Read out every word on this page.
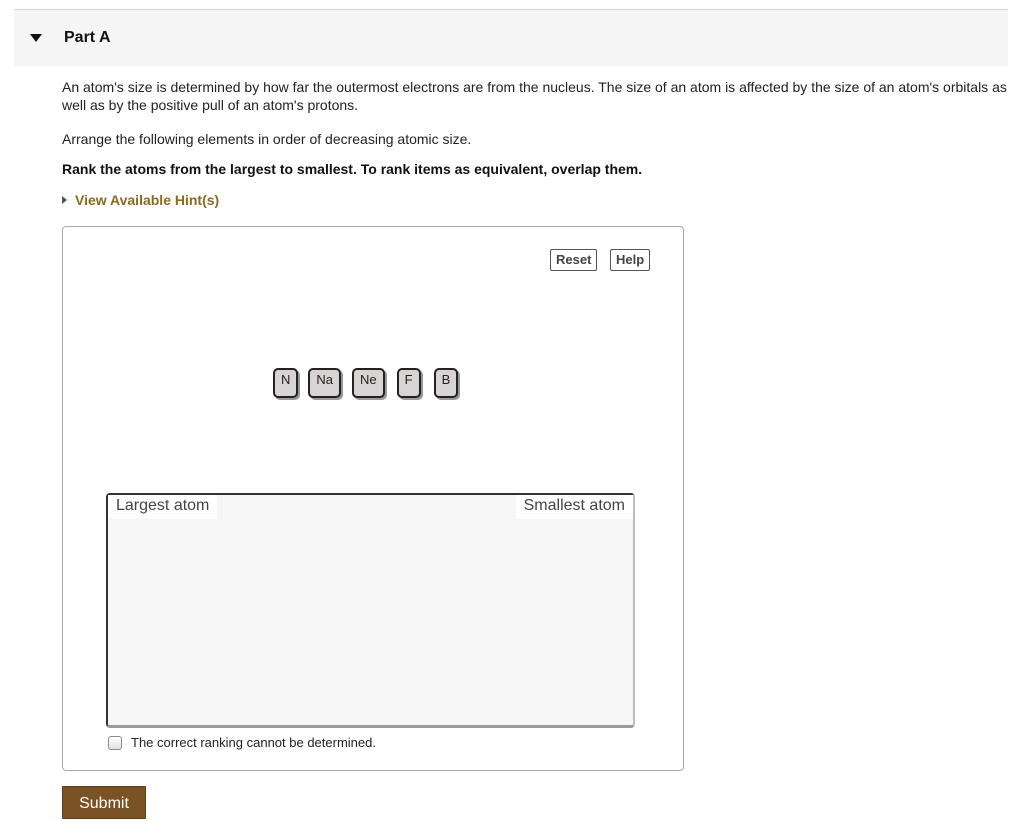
Part A
An atom's size is determined by how far the outermost electrons are from the nucleus. The size of an atom is affected by the size of an atom's orbitals as well as by the positive pull of an atom's protons.
Arrange the following elements in order of decreasing atomic size.
Rank the atoms from the largest to smallest. To rank items as equivalent, overlap them.
View Available Hint(s)
Reset	Help
N	Na	Ne	F	B
Largest atom	Smallest atom
The correct ranking cannot be determined.
Submit
